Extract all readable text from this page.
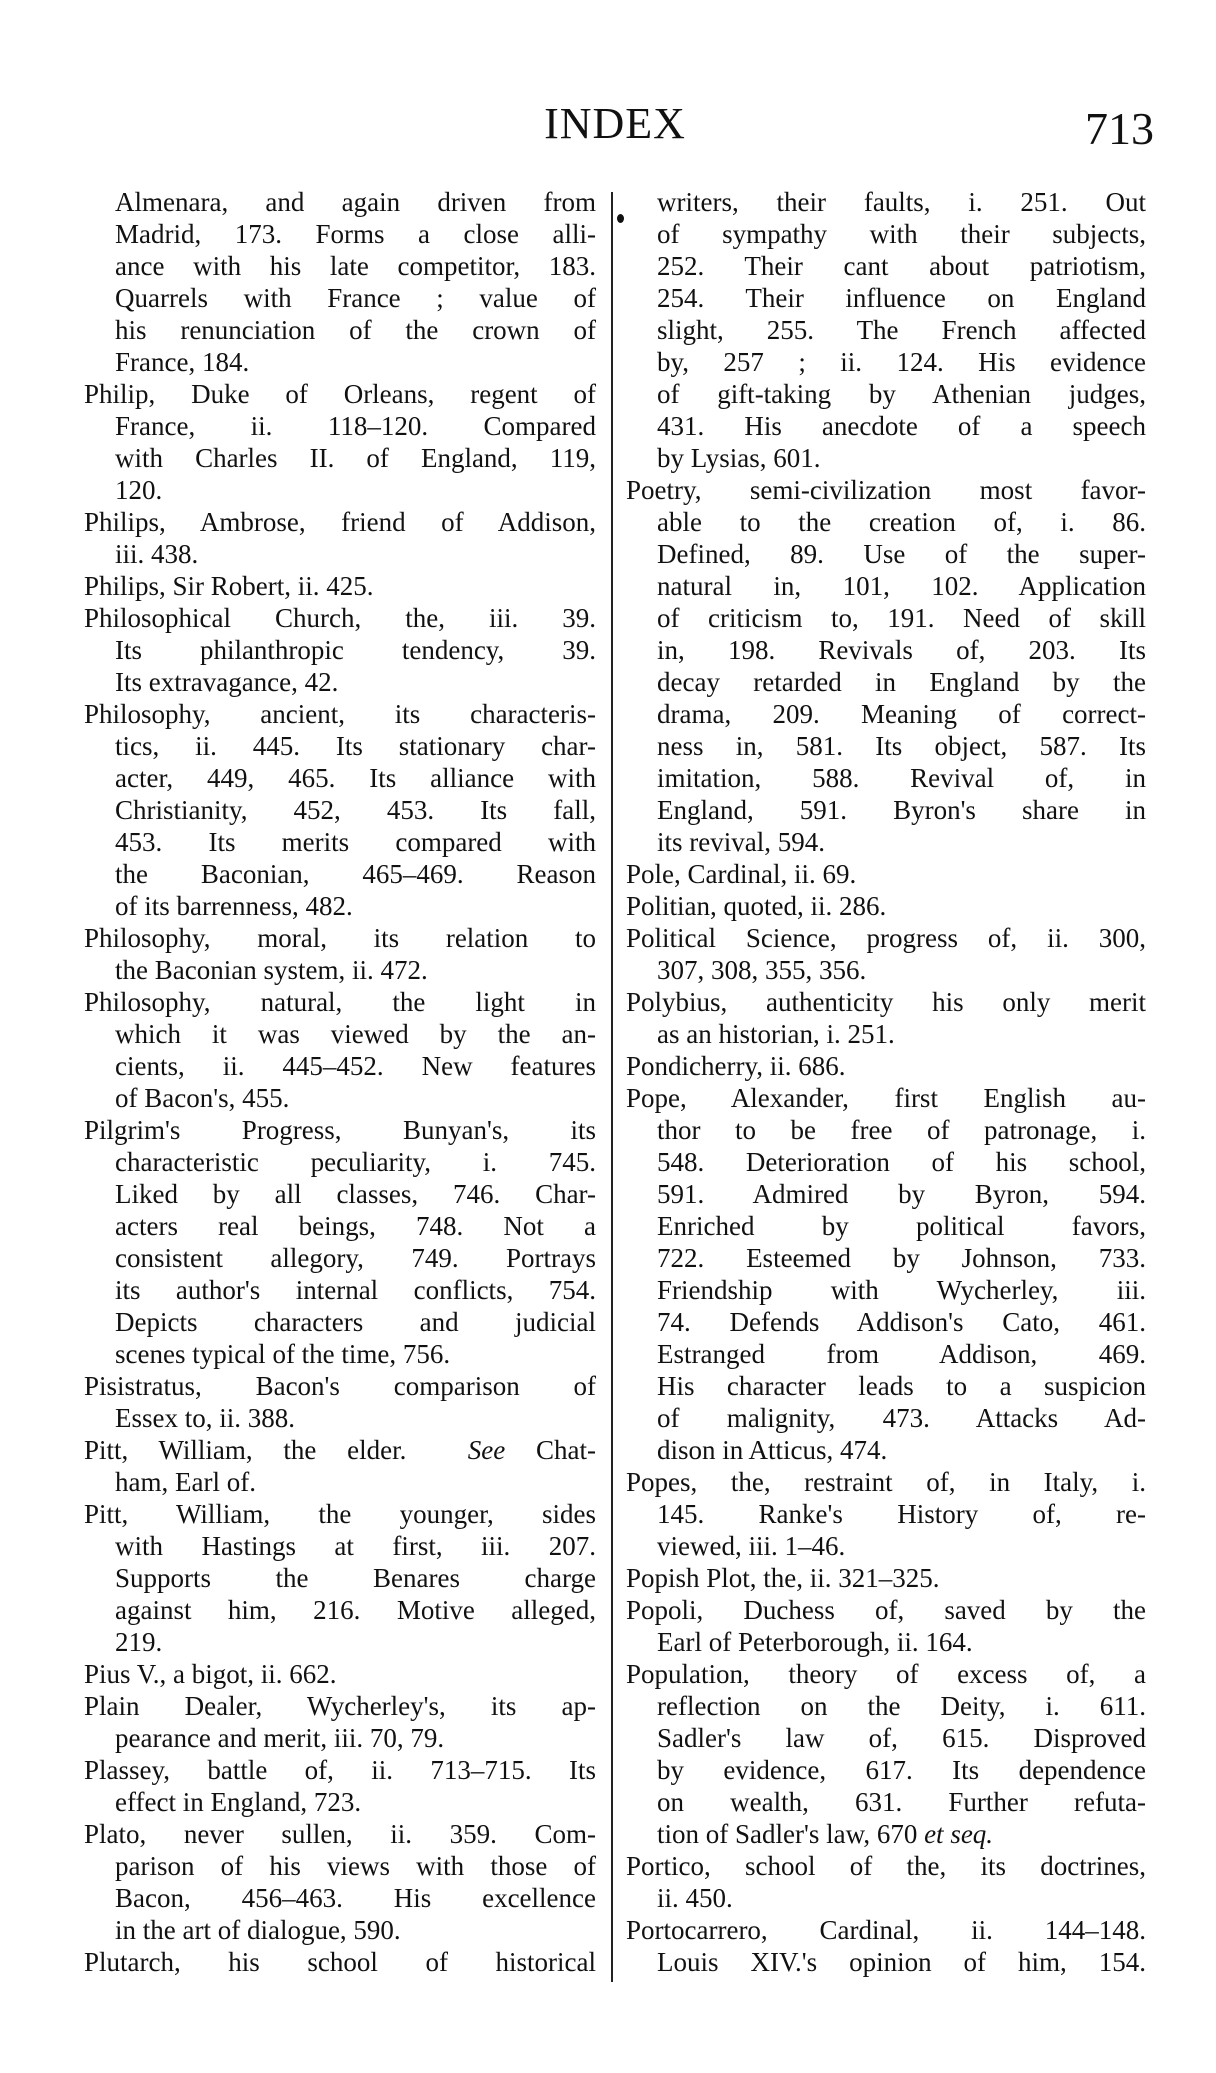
INDEX	713
Almenara, and again driven from
Madrid, 173. Forms a close alli-
ance with his late competitor, 183.
Quarrels with France ; value of
his renunciation of the crown of
France, 184.
Philip, Duke of Orleans, regent of
France, ii. 118–120. Compared
with Charles II. of England, 119,
120.
Philips, Ambrose, friend of Addison,
iii. 438.
Philips, Sir Robert, ii. 425.
Philosophical Church, the, iii. 39.
Its philanthropic tendency, 39.
Its extravagance, 42.
Philosophy, ancient, its characteris-
tics, ii. 445. Its stationary char-
acter, 449, 465. Its alliance with
Christianity, 452, 453. Its fall,
453. Its merits compared with
the Baconian, 465–469. Reason
of its barrenness, 482.
Philosophy, moral, its relation to
the Baconian system, ii. 472.
Philosophy, natural, the light in
which it was viewed by the an-
cients, ii. 445–452. New features
of Bacon's, 455.
Pilgrim's Progress, Bunyan's, its
characteristic peculiarity, i. 745.
Liked by all classes, 746. Char-
acters real beings, 748. Not a
consistent allegory, 749. Portrays
its author's internal conflicts, 754.
Depicts characters and judicial
scenes typical of the time, 756.
Pisistratus, Bacon's comparison of
Essex to, ii. 388.
Pitt, William, the elder.  See Chat-
ham, Earl of.
Pitt, William, the younger, sides
with Hastings at first, iii. 207.
Supports the Benares charge
against him, 216. Motive alleged,
219.
Pius V., a bigot, ii. 662.
Plain Dealer, Wycherley's, its ap-
pearance and merit, iii. 70, 79.
Plassey, battle of, ii. 713–715. Its
effect in England, 723.
Plato, never sullen, ii. 359. Com-
parison of his views with those of
Bacon, 456–463. His excellence
in the art of dialogue, 590.
Plutarch, his school of historical
writers, their faults, i. 251. Out
of sympathy with their subjects,
252. Their cant about patriotism,
254. Their influence on England
slight, 255. The French affected
by, 257 ; ii. 124. His evidence
of gift-taking by Athenian judges,
431. His anecdote of a speech
by Lysias, 601.
Poetry, semi-civilization most favor-
able to the creation of, i. 86.
Defined, 89. Use of the super-
natural in, 101, 102. Application
of criticism to, 191. Need of skill
in, 198. Revivals of, 203. Its
decay retarded in England by the
drama, 209. Meaning of correct-
ness in, 581. Its object, 587. Its
imitation, 588. Revival of, in
England, 591. Byron's share in
its revival, 594.
Pole, Cardinal, ii. 69.
Politian, quoted, ii. 286.
Political Science, progress of, ii. 300,
307, 308, 355, 356.
Polybius, authenticity his only merit
as an historian, i. 251.
Pondicherry, ii. 686.
Pope, Alexander, first English au-
thor to be free of patronage, i.
548. Deterioration of his school,
591. Admired by Byron, 594.
Enriched by political favors,
722. Esteemed by Johnson, 733.
Friendship with Wycherley, iii.
74. Defends Addison's Cato, 461.
Estranged from Addison, 469.
His character leads to a suspicion
of malignity, 473. Attacks Ad-
dison in Atticus, 474.
Popes, the, restraint of, in Italy, i.
145. Ranke's History of, re-
viewed, iii. 1–46.
Popish Plot, the, ii. 321–325.
Popoli, Duchess of, saved by the
Earl of Peterborough, ii. 164.
Population, theory of excess of, a
reflection on the Deity, i. 611.
Sadler's law of, 615. Disproved
by evidence, 617. Its dependence
on wealth, 631. Further refuta-
tion of Sadler's law, 670 et seq.
Portico, school of the, its doctrines,
ii. 450.
Portocarrero, Cardinal, ii. 144–148.
Louis XIV.'s opinion of him, 154.
